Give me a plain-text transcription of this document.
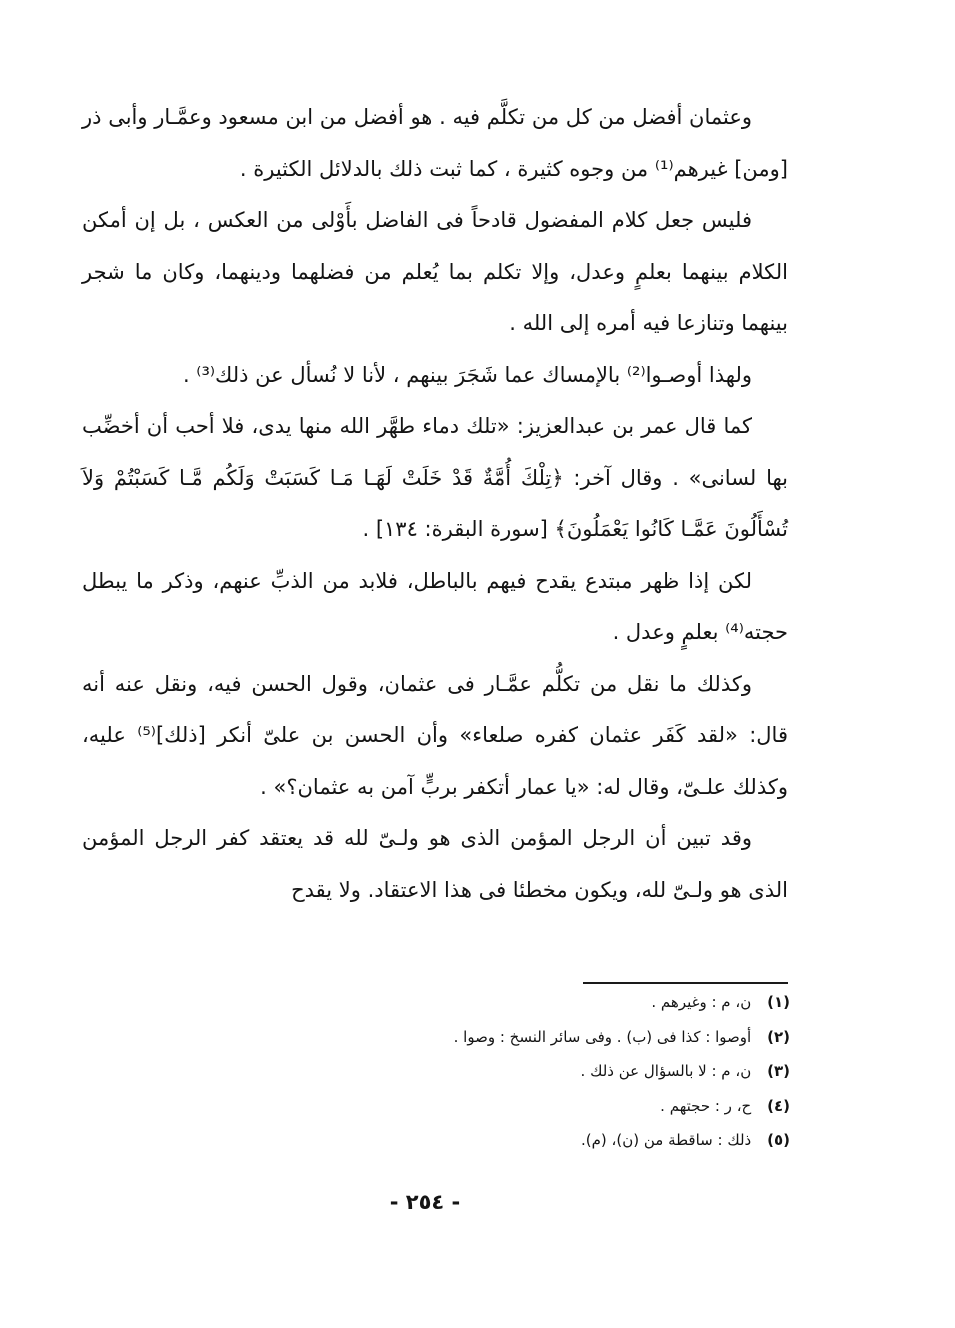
وعثمان أفضل من كل من تكلَّم فيه . هو أفضل من ابن مسعود وعمَّـار وأبى ذر [ومن] غيرهم⁽¹⁾ من وجوه كثيرة ، كما ثبت ذلك بالدلائل الكثيرة .

فليس جعل كلام المفضول قادحاً فى الفاضل بأَوْلى من العكس ، بل إن أمكن الكلام بينهما بعلمٍ وعدل، وإلا تكلم بما يُعلم من فضلهما ودينهما، وكان ما شجر بينهما وتنازعا فيه أمره إلى الله .

ولهذا أوصـوا⁽²⁾ بالإمساك عما شَجَرَ بينهم ، لأنا لا نُسأل عن ذلك⁽³⁾ .

كما قال عمر بن عبدالعزيز: «تلك دماء طهَّر الله منها يدى، فلا أحب أن أخضِّب بها لسانى» . وقال آخر: ﴿تِلْكَ أُمَّةٌ قَدْ خَلَتْ لَهَـا مَـا كَسَبَتْ وَلَكُم مَّـا كَسَبْتُمْ وَلاَ تُسْأَلُونَ عَمَّـا كَانُوا يَعْمَلُونَ﴾ [سورة البقرة: ١٣٤] .

لكن إذا ظهر مبتدع يقدح فيهم بالباطل، فلابد من الذبِّ عنهم، وذكر ما يبطل حجته⁽⁴⁾ بعلمٍ وعدل .

وكذلك ما نقل من تكلُّم عمَّـار فى عثمان، وقول الحسن فيه، ونقل عنه أنه قال: «لقد كَفَر عثمان كفره صلعاء» وأن الحسن بن علىّ أنكر [ذلك]⁽⁵⁾ عليه، وكذلك علـىّ، وقال له: «يا عمار أتكفر بربٍّ آمن به عثمان؟» .

وقد تبين أن الرجل المؤمن الذى هو ولـىّ لله قد يعتقد كفر الرجل المؤمن الذى هو ولـىّ لله، ويكون مخطئا فى هذا الاعتقاد. ولا يقدح

(١) ن، م : وغيرهم .
(٢) أوصوا : كذا فى (ب) . وفى سائر النسخ : وصوا .
(٣) ن، م : لا بالسؤال عن ذلك .
(٤) ح، ر : حجتهم .
(٥) ذلك : ساقطة من (ن)، (م).
- ٢٥٤ -
